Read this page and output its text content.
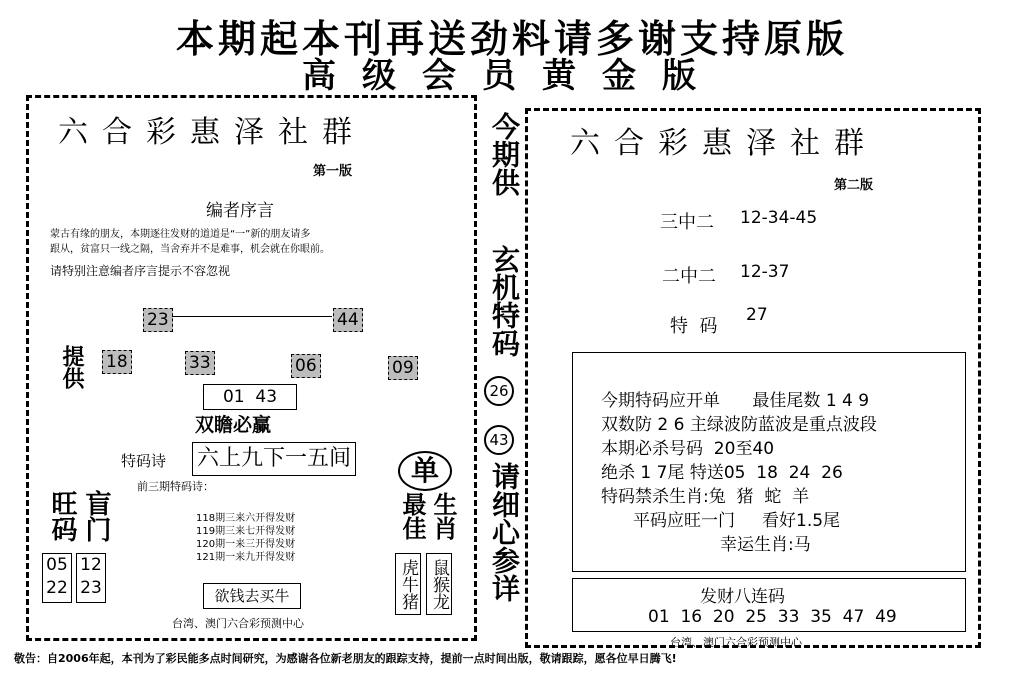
本期起本刊再送劲料请多谢支持原版
高级会员黄金版
六合彩惠泽社群
第一版
编者序言
蒙古有缘的朋友，本期逐往发财的道道是“一”新的朋友请多
跟从，贫富只一线之隔，当舍弃并不是难事，机会就在你眼前。
请特别注意编者序言提示不容忽视
23	44
提供 18	33	06	09
01  43
双瞻必赢
特码诗 六上九下一五间
前三期特码诗：
118期三来六开得发财
119期三来七开得发财
120期一来三开得发财
121期一来九开得发财
旺码 盲门
05
22
12
23
单
最佳 生肖
虎牛猪 鼠猴龙
欲钱去买牛
台湾、澳门六合彩预测中心
今期供
玄机特码
26
43
请细心参详
六合彩惠泽社群
第二版
三中二 12-34-45
二中二 12-37
特  码
27
今期特码应开单      最佳尾数 1 4 9
双数防 2 6 主绿波防蓝波是重点波段
本期必杀号码  20至40
绝杀 1 7尾 特送05  18  24  26
特码禁杀生肖:兔  猪  蛇  羊
平码应旺一门     看好1.5尾
幸运生肖:马
发财八连码
01  16  20  25  33  35  47  49
台湾、澳门六合彩预测中心
敬告：自2006年起，本刊为了彩民能多点时间研究，为感谢各位新老朋友的跟踪支持，提前一点时间出版，敬请跟踪，愿各位早日腾飞!
